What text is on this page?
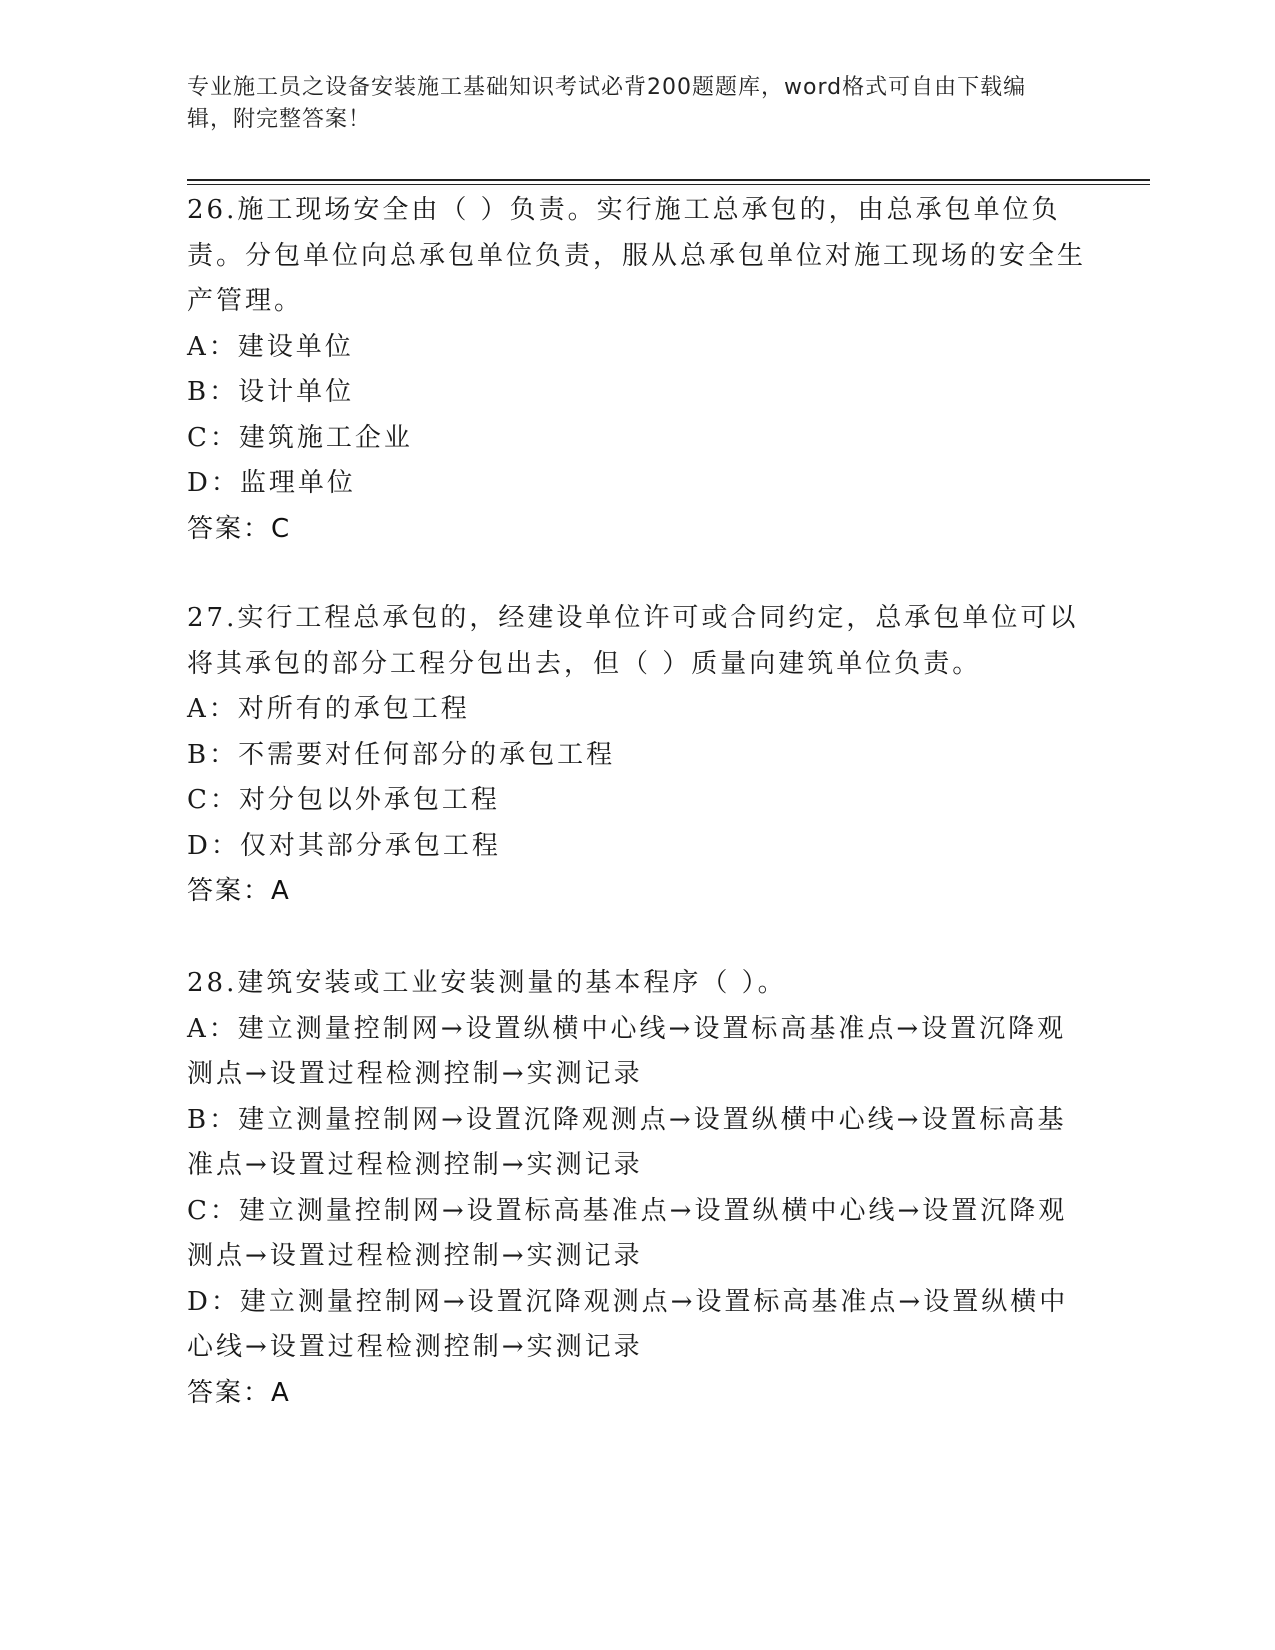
专业施工员之设备安装施工基础知识考试必背200题题库，word格式可自由下载编辑，附完整答案！

26.施工现场安全由（ ）负责。实行施工总承包的，由总承包单位负责。分包单位向总承包单位负责，服从总承包单位对施工现场的安全生产管理。

A：建设单位

B：设计单位

C：建筑施工企业

D：监理单位

答案：C

27.实行工程总承包的，经建设单位许可或合同约定，总承包单位可以将其承包的部分工程分包出去，但（ ）质量向建筑单位负责。

A：对所有的承包工程

B：不需要对任何部分的承包工程

C：对分包以外承包工程

D：仅对其部分承包工程

答案：A

28.建筑安装或工业安装测量的基本程序（ ）。

A：建立测量控制网→设置纵横中心线→设置标高基准点→设置沉降观测点→设置过程检测控制→实测记录

B：建立测量控制网→设置沉降观测点→设置纵横中心线→设置标高基准点→设置过程检测控制→实测记录

C：建立测量控制网→设置标高基准点→设置纵横中心线→设置沉降观测点→设置过程检测控制→实测记录

D：建立测量控制网→设置沉降观测点→设置标高基准点→设置纵横中心线→设置过程检测控制→实测记录

答案：A
